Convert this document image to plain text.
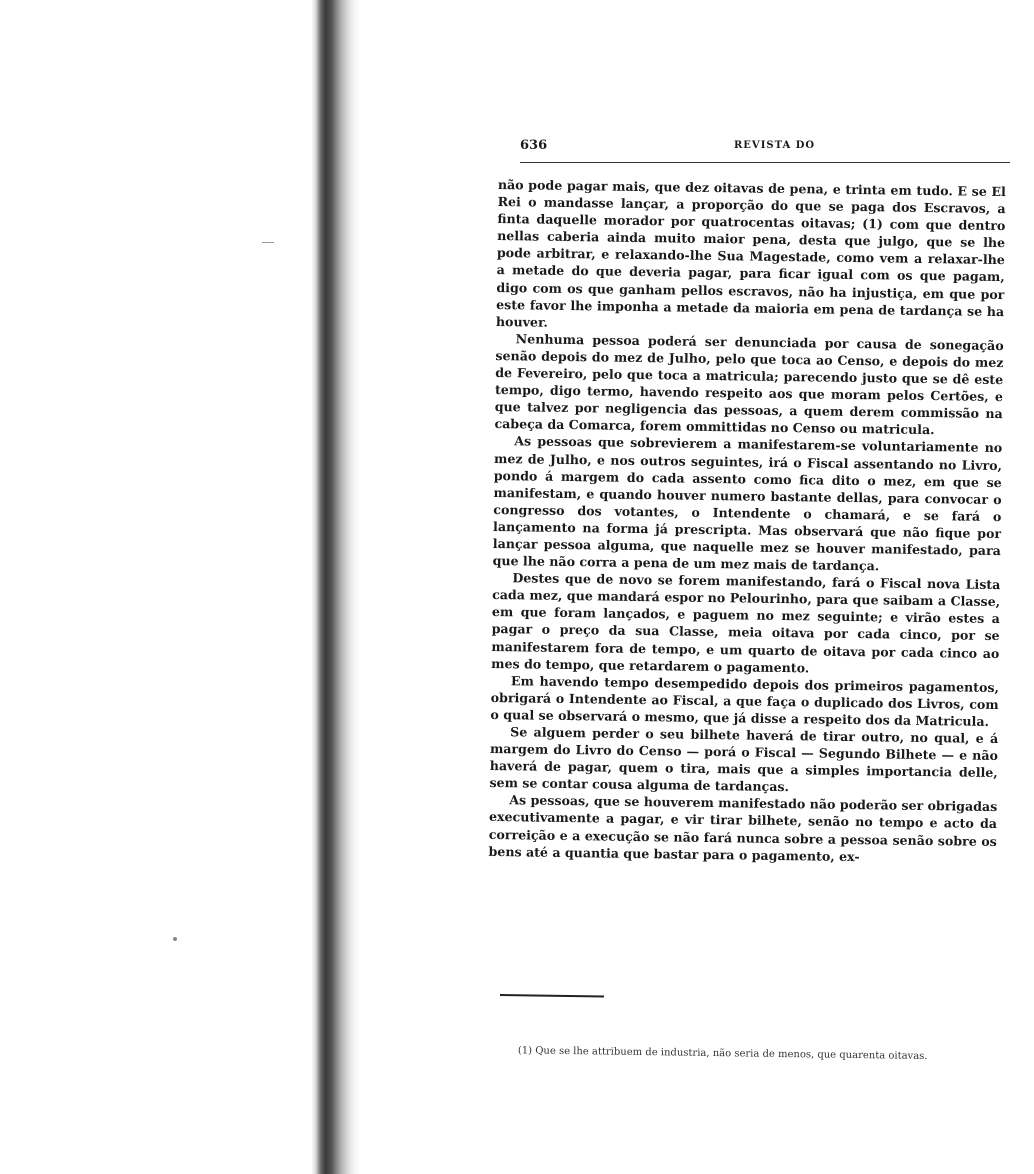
636	REVISTA DO

não pode pagar mais, que dez oitavas de pena, e trinta em tudo. E se El Rei o mandasse lançar, a proporção do que se paga dos Escravos, a finta daquelle morador por quatrocentas oitavas; (1) com que dentro nellas caberia ainda muito maior pena, desta que julgo, que se lhe pode arbitrar, e relaxando-lhe Sua Magestade, como vem a relaxar-lhe a metade do que deveria pagar, para ficar igual com os que pagam, digo com os que ganham pellos escravos, não ha injustiça, em que por este favor lhe imponha a metade da maioria em pena de tardança se ha houver.

Nenhuma pessoa poderá ser denunciada por causa de sonegação senão depois do mez de Julho, pelo que toca ao Censo, e depois do mez de Fevereiro, pelo que toca a matricula; parecendo justo que se dê este tempo, digo termo, havendo respeito aos que moram pelos Certões, e que talvez por negligencia das pessoas, a quem derem commissão na cabeça da Comarca, forem ommittidas no Censo ou matricula.

As pessoas que sobrevierem a manifestarem-se voluntariamente no mez de Julho, e nos outros seguintes, irá o Fiscal assentando no Livro, pondo á margem do cada assento como fica dito o mez, em que se manifestam, e quando houver numero bastante dellas, para convocar o congresso dos votantes, o Intendente o chamará, e se fará o lançamento na forma já prescripta. Mas observará que não fique por lançar pessoa alguma, que naquelle mez se houver manifestado, para que lhe não corra a pena de um mez mais de tardança.

Destes que de novo se forem manifestando, fará o Fiscal nova Lista cada mez, que mandará espor no Pelourinho, para que saibam a Classe, em que foram lançados, e paguem no mez seguinte; e virão estes a pagar o preço da sua Classe, meia oitava por cada cinco, por se manifestarem fora de tempo, e um quarto de oitava por cada cinco ao mes do tempo, que retardarem o pagamento.

Em havendo tempo desempedido depois dos primeiros pagamentos, obrigará o Intendente ao Fiscal, a que faça o duplicado dos Livros, com o qual se observará o mesmo, que já disse a respeito dos da Matricula.

Se alguem perder o seu bilhete haverá de tirar outro, no qual, e á margem do Livro do Censo — porá o Fiscal — Segundo Bilhete — e não haverá de pagar, quem o tira, mais que a simples importancia delle, sem se contar cousa alguma de tardanças.

As pessoas, que se houverem manifestado não poderão ser obrigadas executivamente a pagar, e vir tirar bilhete, senão no tempo e acto da correição e a execução se não fará nunca sobre a pessoa senão sobre os bens até a quantia que bastar para o pagamento, ex-

(1) Que se lhe attribuem de industria, não seria de menos, que quarenta oitavas.
